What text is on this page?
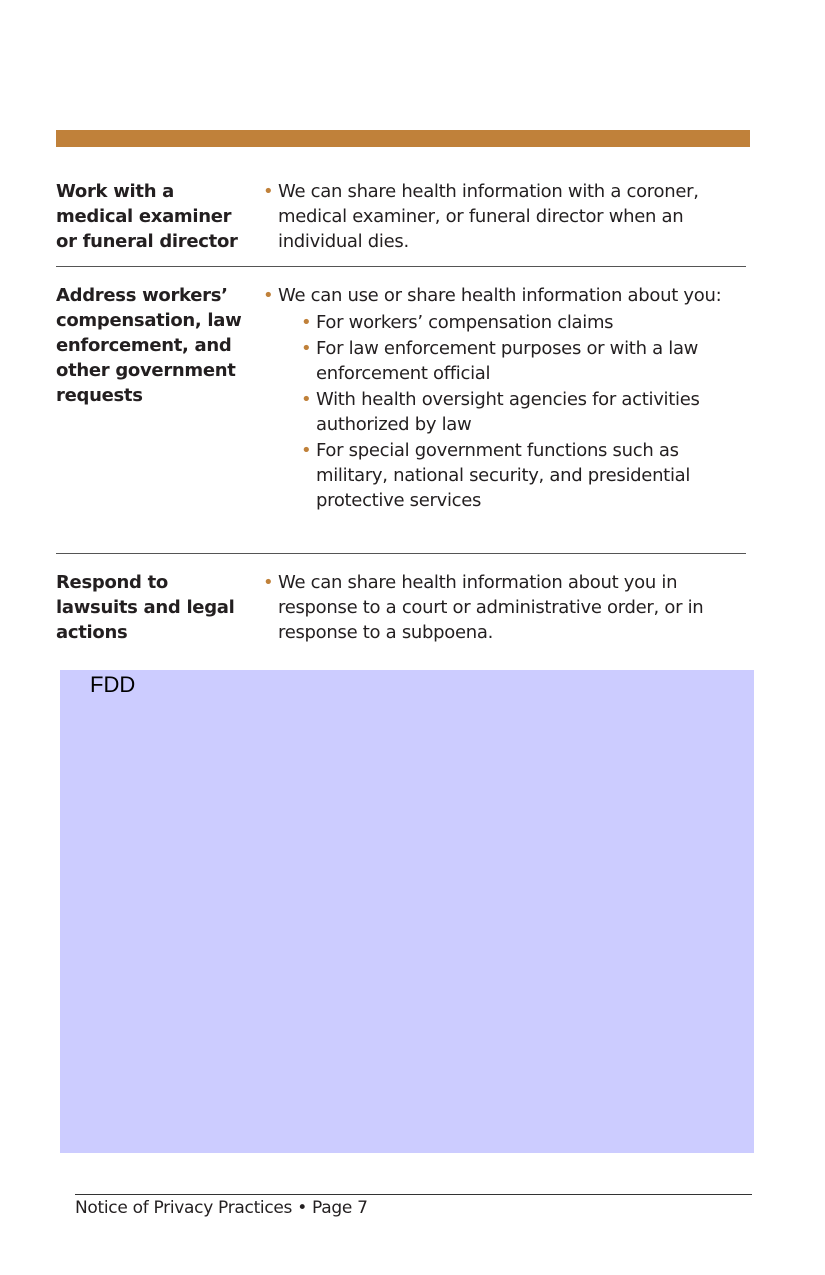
Work with a medical examiner or funeral director
• We can share health information with a coroner, medical examiner, or funeral director when an individual dies.
Address workers’ compensation, law enforcement, and other government requests
• We can use or share health information about you:
• For workers’ compensation claims
• For law enforcement purposes or with a law enforcement official
• With health oversight agencies for activities authorized by law
• For special government functions such as military, national security, and presidential protective services
Respond to lawsuits and legal actions
• We can share health information about you in response to a court or administrative order, or in response to a subpoena.
FDD
Notice of Privacy Practices • Page 7
